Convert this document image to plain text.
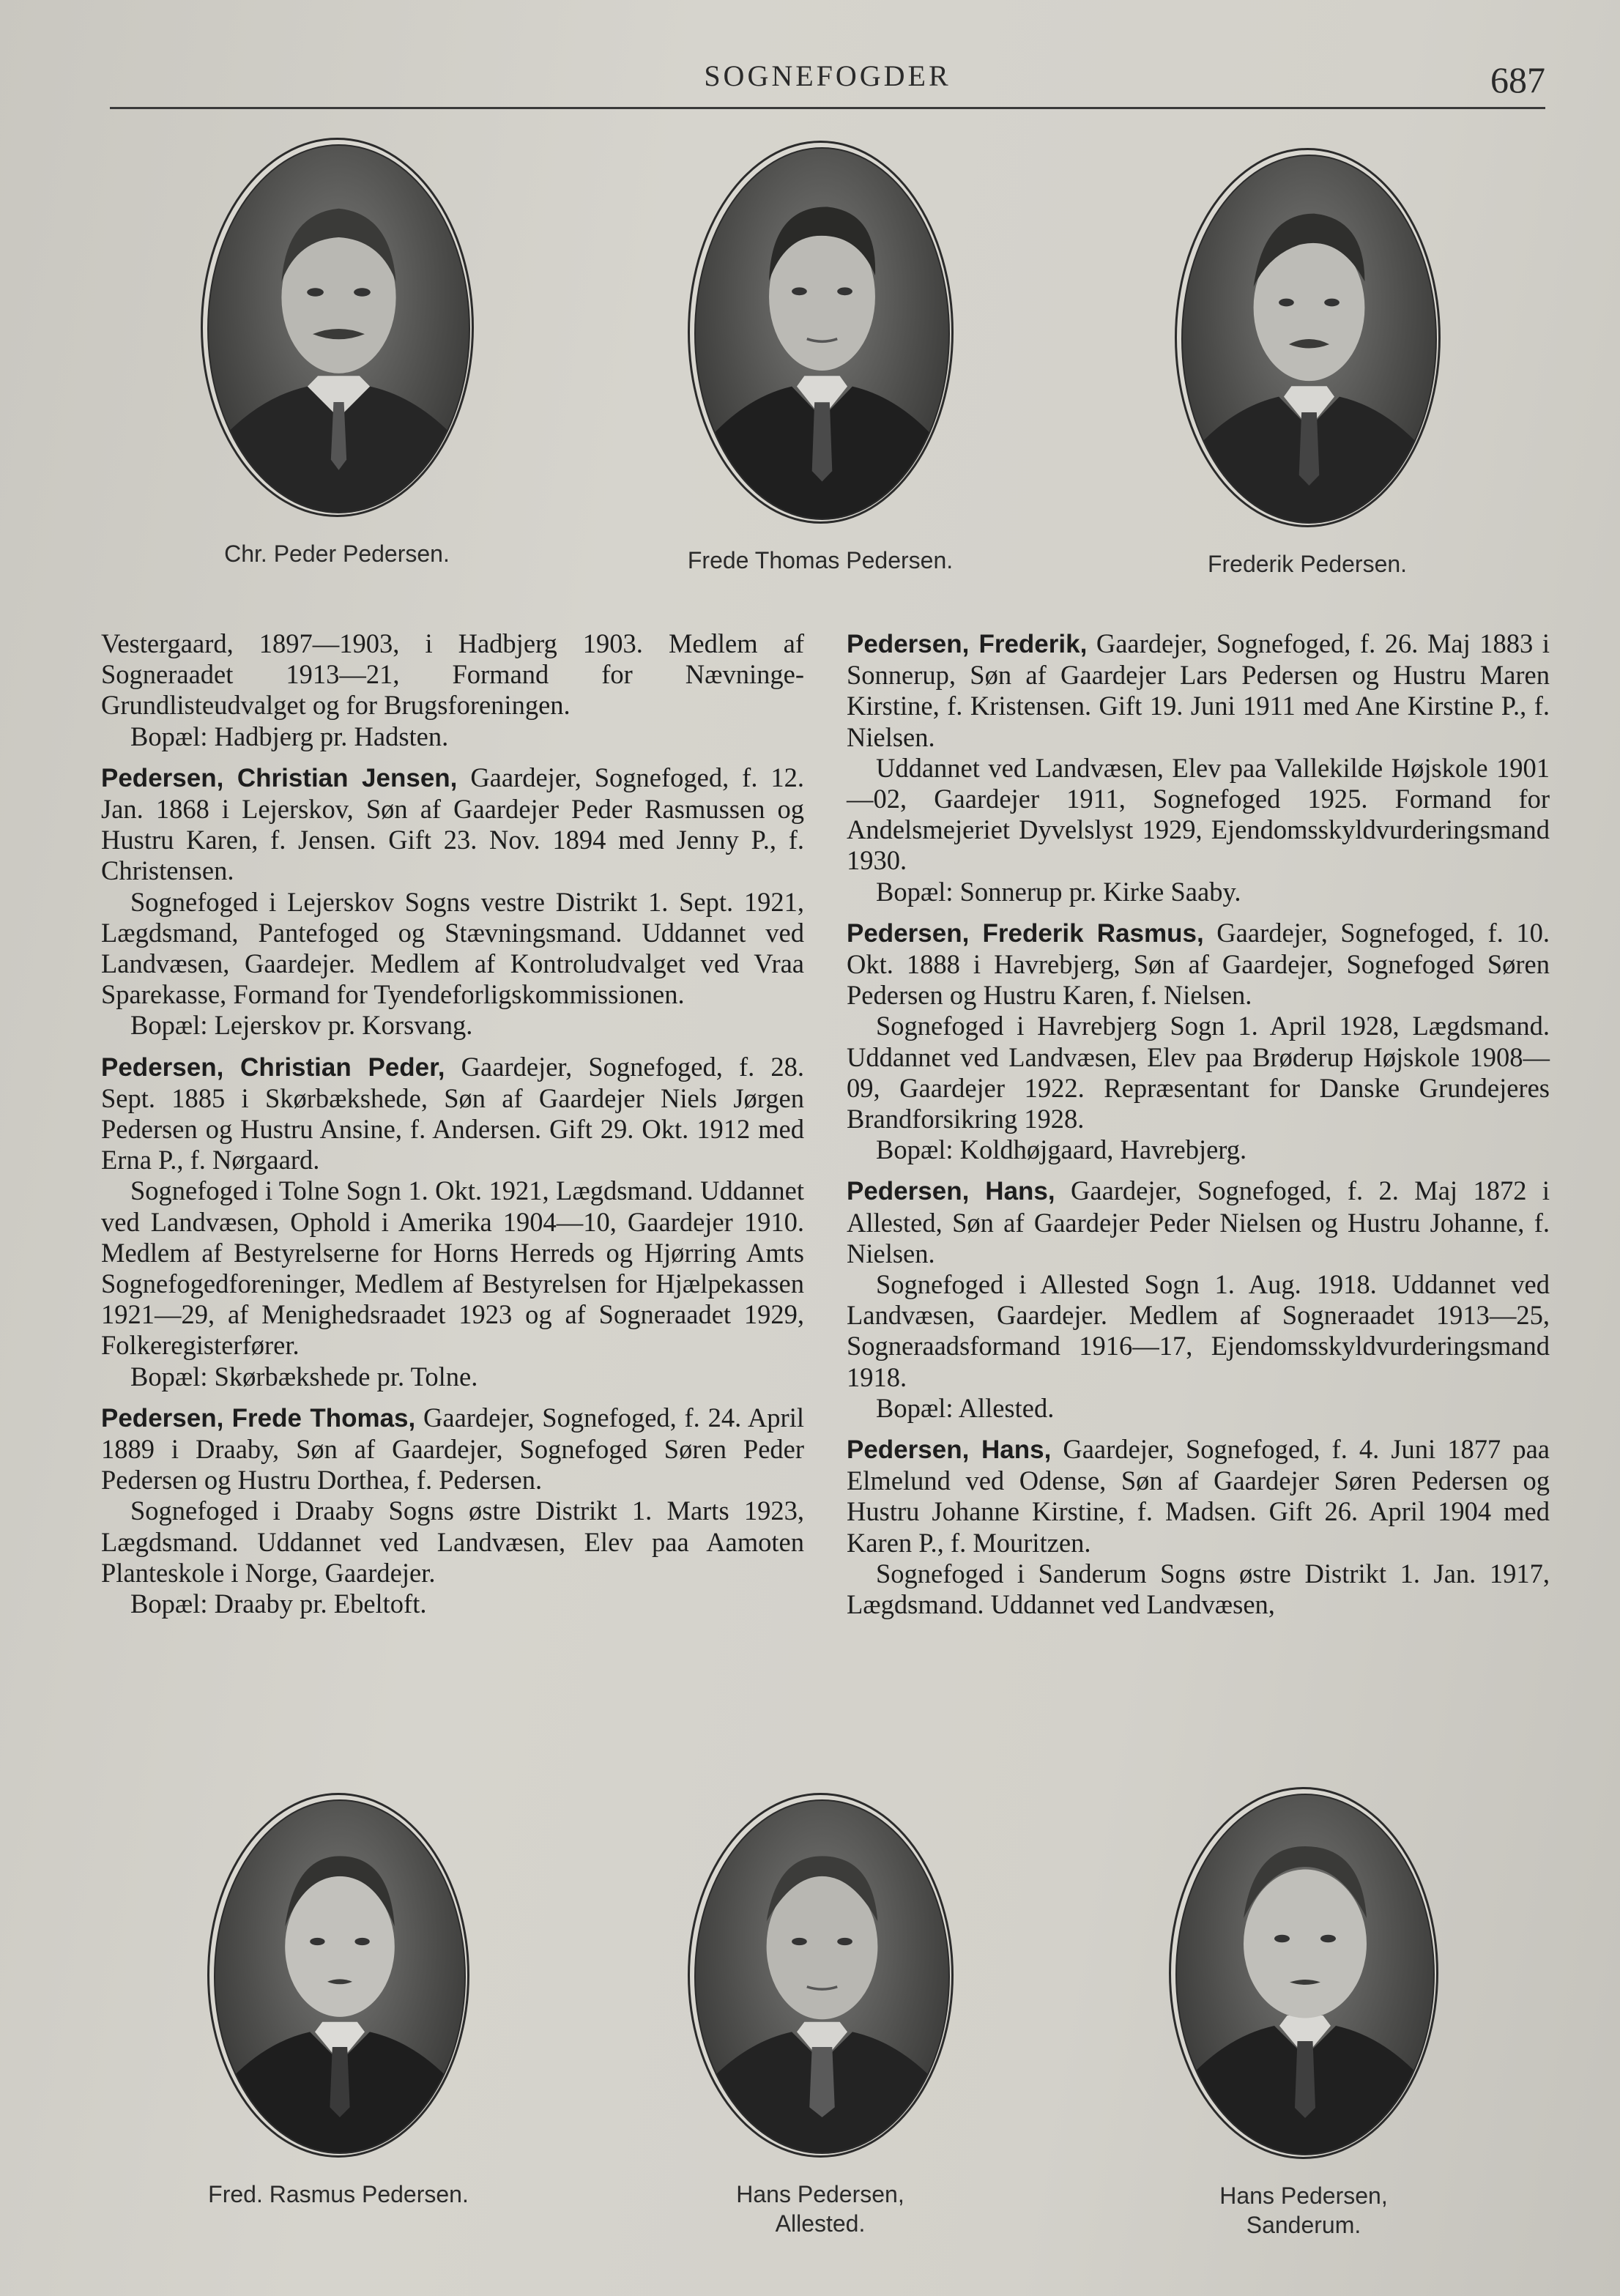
SOGNEFOGDER	687
Chr. Peder Pedersen.	Frede Thomas Pedersen.	Frederik Pedersen.

Vestergaard, 1897—1903, i Hadbjerg 1903. Medlem af Sogneraadet 1913—21, Formand for Nævninge-Grundlisteudvalget og for Brugsforeningen.

Bopæl: Hadbjerg pr. Hadsten.

Pedersen, Christian Jensen, Gaardejer, Sognefoged, f. 12. Jan. 1868 i Lejerskov, Søn af Gaardejer Peder Rasmussen og Hustru Karen, f. Jensen. Gift 23. Nov. 1894 med Jenny P., f. Christensen.

Sognefoged i Lejerskov Sogns vestre Distrikt 1. Sept. 1921, Lægdsmand, Pantefoged og Stævningsmand. Uddannet ved Landvæsen, Gaardejer. Medlem af Kontroludvalget ved Vraa Sparekasse, Formand for Tyendeforligskommissionen.

Bopæl: Lejerskov pr. Korsvang.

Pedersen, Christian Peder, Gaardejer, Sognefoged, f. 28. Sept. 1885 i Skørbækshede, Søn af Gaardejer Niels Jørgen Pedersen og Hustru Ansine, f. Andersen. Gift 29. Okt. 1912 med Erna P., f. Nørgaard.

Sognefoged i Tolne Sogn 1. Okt. 1921, Lægdsmand. Uddannet ved Landvæsen, Ophold i Amerika 1904—10, Gaardejer 1910. Medlem af Bestyrelserne for Horns Herreds og Hjørring Amts Sognefogedforeninger, Medlem af Bestyrelsen for Hjælpekassen 1921—29, af Menighedsraadet 1923 og af Sogneraadet 1929, Folkeregisterfører.

Bopæl: Skørbækshede pr. Tolne.

Pedersen, Frede Thomas, Gaardejer, Sognefoged, f. 24. April 1889 i Draaby, Søn af Gaardejer, Sognefoged Søren Peder Pedersen og Hustru Dorthea, f. Pedersen.

Sognefoged i Draaby Sogns østre Distrikt 1. Marts 1923, Lægdsmand. Uddannet ved Landvæsen, Elev paa Aamoten Planteskole i Norge, Gaardejer.

Bopæl: Draaby pr. Ebeltoft.

Pedersen, Frederik, Gaardejer, Sognefoged, f. 26. Maj 1883 i Sonnerup, Søn af Gaardejer Lars Pedersen og Hustru Maren Kirstine, f. Kristensen. Gift 19. Juni 1911 med Ane Kirstine P., f. Nielsen.

Uddannet ved Landvæsen, Elev paa Vallekilde Højskole 1901—02, Gaardejer 1911, Sognefoged 1925. Formand for Andelsmejeriet Dyvelslyst 1929, Ejendomsskyldvurderingsmand 1930.

Bopæl: Sonnerup pr. Kirke Saaby.

Pedersen, Frederik Rasmus, Gaardejer, Sognefoged, f. 10. Okt. 1888 i Havrebjerg, Søn af Gaardejer, Sognefoged Søren Pedersen og Hustru Karen, f. Nielsen.

Sognefoged i Havrebjerg Sogn 1. April 1928, Lægdsmand. Uddannet ved Landvæsen, Elev paa Brøderup Højskole 1908—09, Gaardejer 1922. Repræsentant for Danske Grundejeres Brandforsikring 1928.

Bopæl: Koldhøjgaard, Havrebjerg.

Pedersen, Hans, Gaardejer, Sognefoged, f. 2. Maj 1872 i Allested, Søn af Gaardejer Peder Nielsen og Hustru Johanne, f. Nielsen.

Sognefoged i Allested Sogn 1. Aug. 1918. Uddannet ved Landvæsen, Gaardejer. Medlem af Sogneraadet 1913—25, Sogneraadsformand 1916—17, Ejendomsskyldvurderingsmand 1918.

Bopæl: Allested.

Pedersen, Hans, Gaardejer, Sognefoged, f. 4. Juni 1877 paa Elmelund ved Odense, Søn af Gaardejer Søren Pedersen og Hustru Johanne Kirstine, f. Madsen. Gift 26. April 1904 med Karen P., f. Mouritzen.

Sognefoged i Sanderum Sogns østre Distrikt 1. Jan. 1917, Lægdsmand. Uddannet ved Landvæsen,

Fred. Rasmus Pedersen.	Hans Pedersen,
Allested.
Hans Pedersen,
Sanderum.
